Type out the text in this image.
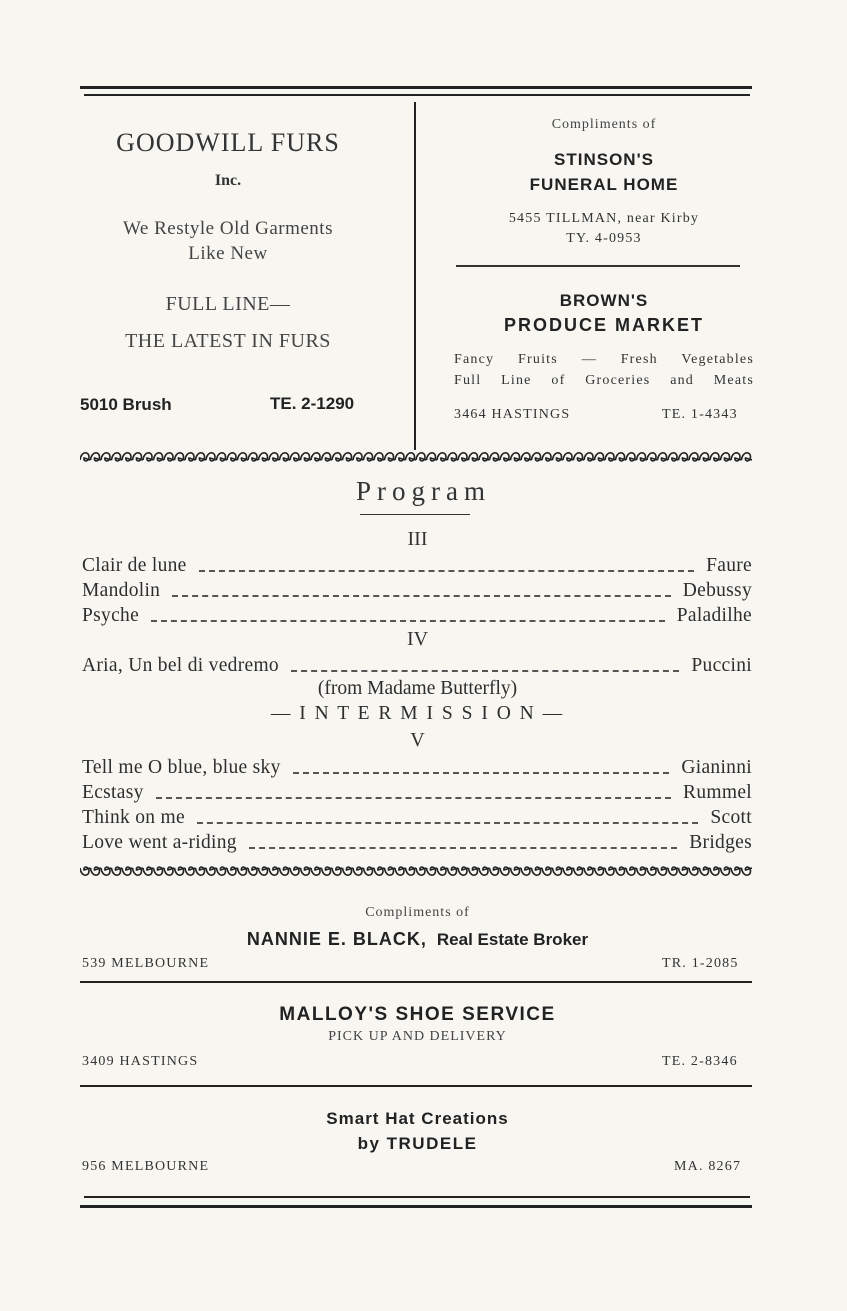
GOODWILL FURS
Inc.
We Restyle Old Garments
Like New
FULL LINE—
THE LATEST IN FURS
5010 Brush	TE. 2-1290
Compliments of
STINSON'S
FUNERAL HOME
5455 TILLMAN, near Kirby
TY. 4-0953
BROWN'S
PRODUCE MARKET
Fancy Fruits — Fresh Vegetables
Full Line of Groceries and Meats
3464 HASTINGS	TE. 1-4343
Program
III
Clair de lune	Faure
Mandolin	Debussy
Psyche	Paladilhe
IV
Aria, Un bel di vedremo	Puccini
(from Madame Butterfly)
— I N T E R M I S S I O N —
V
Tell me O blue, blue sky	Gianinni
Ecstasy	Rummel
Think on me	Scott
Love went a-riding	Bridges
Compliments of
NANNIE E. BLACK, Real Estate Broker
539 MELBOURNE	TR. 1-2085
MALLOY'S SHOE SERVICE
PICK UP AND DELIVERY
3409 HASTINGS	TE. 2-8346
Smart Hat Creations
by TRUDELE
956 MELBOURNE	MA. 8267
